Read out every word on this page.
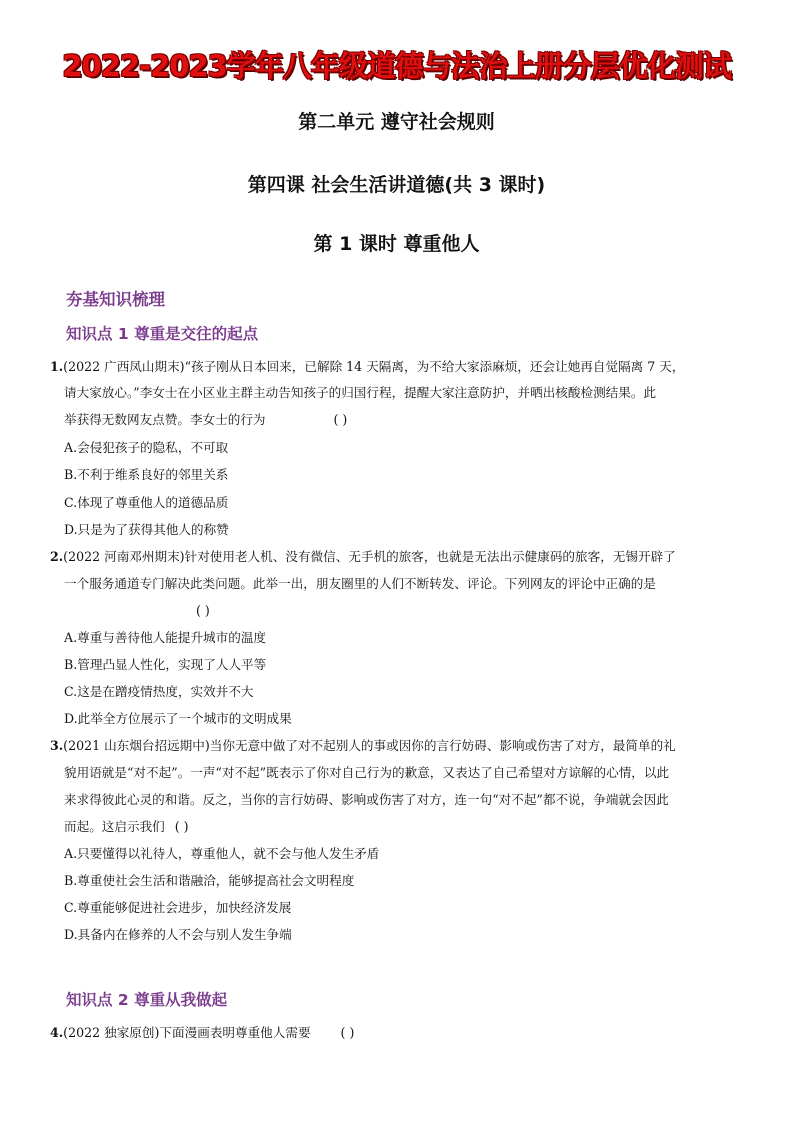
2022-2023学年八年级道德与法治上册分层优化测试
第二单元 遵守社会规则
第四课 社会生活讲道德(共 3 课时)
第 1 课时 尊重他人
夯基知识梳理
知识点 1 尊重是交往的起点
1.(2022 广西凤山期末)“孩子刚从日本回来，已解除 14 天隔离，为不给大家添麻烦，还会让她再自觉隔离 7 天，
请大家放心。”李女士在小区业主群主动告知孩子的归国行程，提醒大家注意防护，并晒出核酸检测结果。此
举获得无数网友点赞。李女士的行为	( )
A.会侵犯孩子的隐私，不可取
B.不利于维系良好的邻里关系
C.体现了尊重他人的道德品质
D.只是为了获得其他人的称赞
2.(2022 河南邓州期末)针对使用老人机、没有微信、无手机的旅客，也就是无法出示健康码的旅客，无锡开辟了
一个服务通道专门解决此类问题。此举一出，朋友圈里的人们不断转发、评论。下列网友的评论中正确的是
( )
A.尊重与善待他人能提升城市的温度
B.管理凸显人性化，实现了人人平等
C.这是在蹭疫情热度，实效并不大
D.此举全方位展示了一个城市的文明成果
3.(2021 山东烟台招远期中)当你无意中做了对不起别人的事或因你的言行妨碍、影响或伤害了对方，最简单的礼
貌用语就是“对不起”。一声“对不起”既表示了你对自己行为的歉意，又表达了自己希望对方谅解的心情，以此
来求得彼此心灵的和谐。反之，当你的言行妨碍、影响或伤害了对方，连一句“对不起”都不说，争端就会因此
而起。这启示我们 ( )
A.只要懂得以礼待人，尊重他人，就不会与他人发生矛盾
B.尊重使社会生活和谐融洽，能够提高社会文明程度
C.尊重能够促进社会进步，加快经济发展
D.具备内在修养的人不会与别人发生争端
知识点 2 尊重从我做起
4.(2022 独家原创)下面漫画表明尊重他人需要 ( )
